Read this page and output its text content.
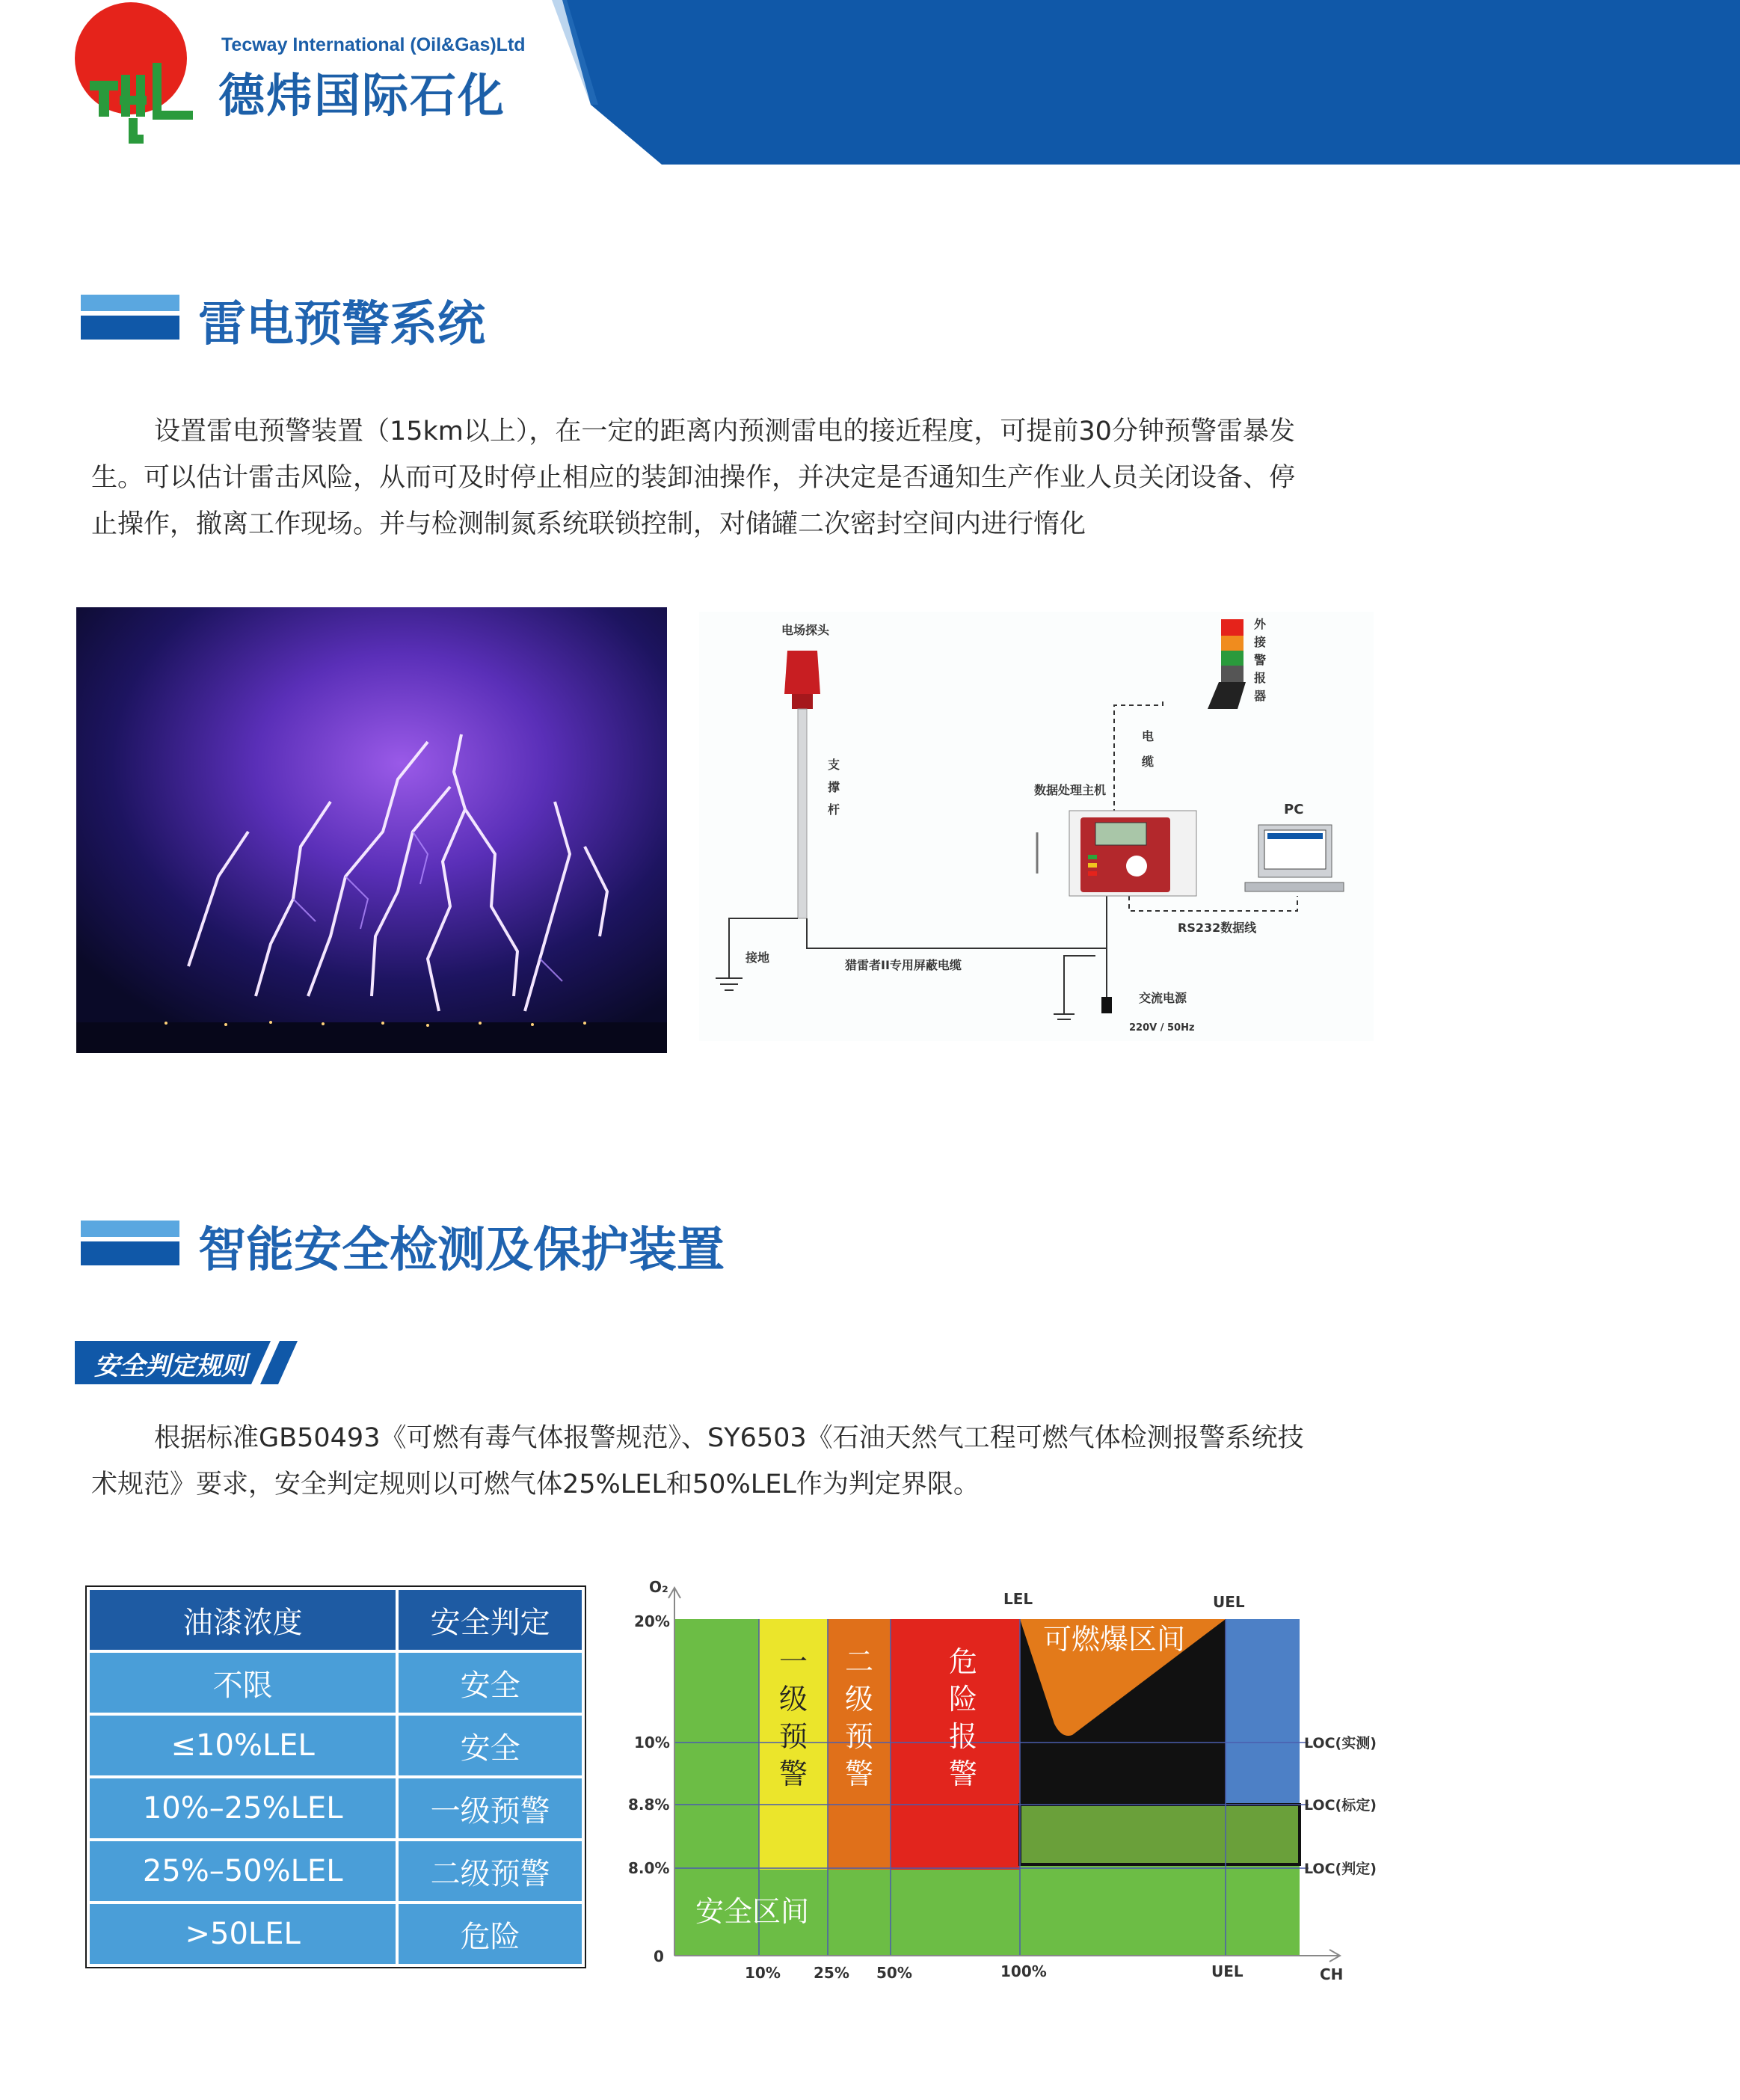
Tecway International (Oil&Gas)Ltd
德炜国际石化
雷电预警系统

设置雷电预警装置（15km以上），在一定的距离内预测雷电的接近程度，可提前30分钟预警雷暴发

生。可以估计雷击风险，从而可及时停止相应的装卸油操作，并决定是否通知生产作业人员关闭设备、停

止操作，撤离工作现场。并与检测制氮系统联锁控制，对储罐二次密封空间内进行惰化

电场探头
支
撑
杆
外
接
警
报
器
电
缆
数据处理主机
PC
RS232数据线
接地
猎雷者II专用屏蔽电缆
交流电源
220V / 50Hz
智能安全检测及保护装置
安全判定规则

根据标准GB50493《可燃有毒气体报警规范》、SY6503《石油天然气工程可燃气体检测报警系统技

术规范》要求，安全判定规则以可燃气体25%LEL和50%LEL作为判定界限。

油漆浓度	安全判定
不限	安全
≤10%LEL	安全
10%–25%LEL	一级预警
25%–50%LEL	二级预警
>50LEL	危险
O₂
20%
10%
8.8%
8.0%
0
10% 25% 50%	100%	UEL	CH
LEL	UEL
LOC(实测)
LOC(标定)
LOC(判定)
一
级
预
警
二
级
预
警
危
险
报
警
可燃爆区间
安全区间
